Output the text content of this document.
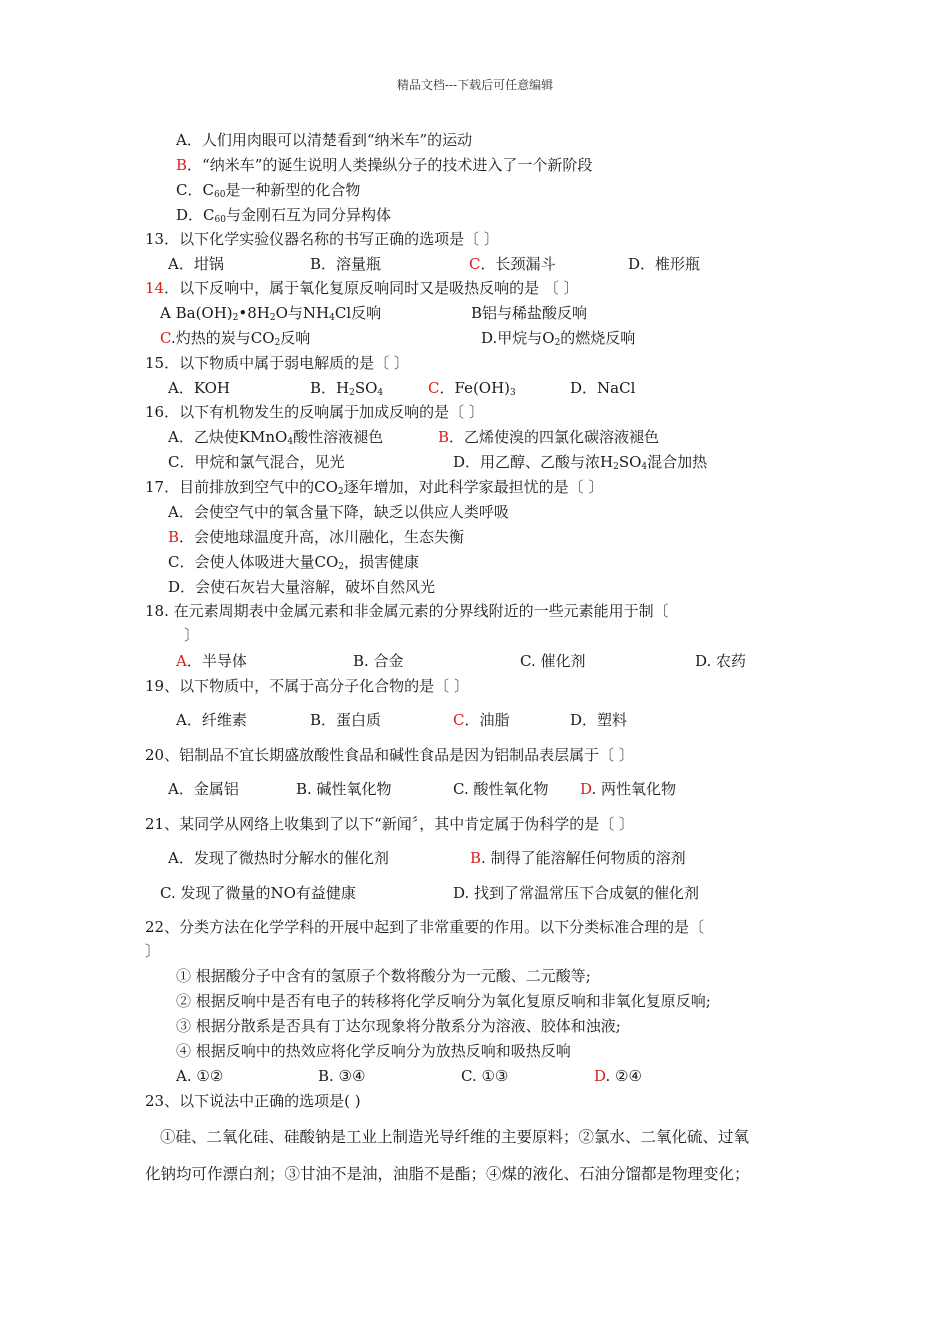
精品文档---下载后可任意编辑
A．人们用肉眼可以清楚看到“纳米车”的运动
B．“纳米车”的诞生说明人类操纵分子的技术进入了一个新阶段
C．$C_{60}$是一种新型的化合物
D．$C_{60}$与金刚石互为同分异构体
13．以下化学实验仪器名称的书写正确的选项是〔 〕
A．坩锅	B．溶量瓶	C．长颈漏斗	D．椎形瓶
14．以下反响中，属于氧化复原反响同时又是吸热反响的是 〔 〕
A $Ba(OH)_2•8H_2O$与$NH_4Cl$反响	B铝与稀盐酸反响
C.灼热的炭与$CO_2$反响	D.甲烷与$O_2$的燃烧反响
15．以下物质中属于弱电解质的是〔 〕
A．KOH	B．$H_2SO_4$	C．$Fe(OH)_3$	D．NaCl
16．以下有机物发生的反响属于加成反响的是〔 〕
A．乙炔使KMnO$_4$酸性溶液褪色	B．乙烯使溴的四氯化碳溶液褪色
C．甲烷和氯气混合，见光	D．用乙醇、乙酸与浓$H_2SO_4$混合加热
17．目前排放到空气中的$CO_2$逐年增加，对此科学家最担忧的是〔 〕
A．会使空气中的氧含量下降，缺乏以供应人类呼吸
B．会使地球温度升高，冰川融化，生态失衡
C．会使人体吸进大量$CO_2$，损害健康
D．会使石灰岩大量溶解，破坏自然风光
18. 在元素周期表中金属元素和非金属元素的分界线附近的一些元素能用于制〔
〕
A．半导体	B. 合金	C. 催化剂	D. 农药
19、以下物质中，不属于高分子化合物的是〔 〕
A．纤维素	B．蛋白质	C．油脂	D．塑料
20、铝制品不宜长期盛放酸性食品和碱性食品是因为铝制品表层属于〔 〕
A．金属铝	B. 碱性氧化物	C. 酸性氧化物 D. 两性氧化物
21、某同学从网络上收集到了以下“新闻〞，其中肯定属于伪科学的是〔 〕
A．发现了微热时分解水的催化剂	B. 制得了能溶解任何物质的溶剂
C. 发现了微量的NO有益健康	D. 找到了常温常压下合成氨的催化剂
22、分类方法在化学学科的开展中起到了非常重要的作用。以下分类标准合理的是〔
〕
① 根据酸分子中含有的氢原子个数将酸分为一元酸、二元酸等;
② 根据反响中是否有电子的转移将化学反响分为氧化复原反响和非氧化复原反响;
③ 根据分散系是否具有丁达尔现象将分散系分为溶液、胶体和浊液;
④ 根据反响中的热效应将化学反响分为放热反响和吸热反响
A. ①②	B. ③④	C. ①③	D. ②④
23、以下说法中正确的选项是( )
①硅、二氧化硅、硅酸钠是工业上制造光导纤维的主要原料；②氯水、二氧化硫、过氧
化钠均可作漂白剂；③甘油不是油，油脂不是酯；④煤的液化、石油分馏都是物理变化；
